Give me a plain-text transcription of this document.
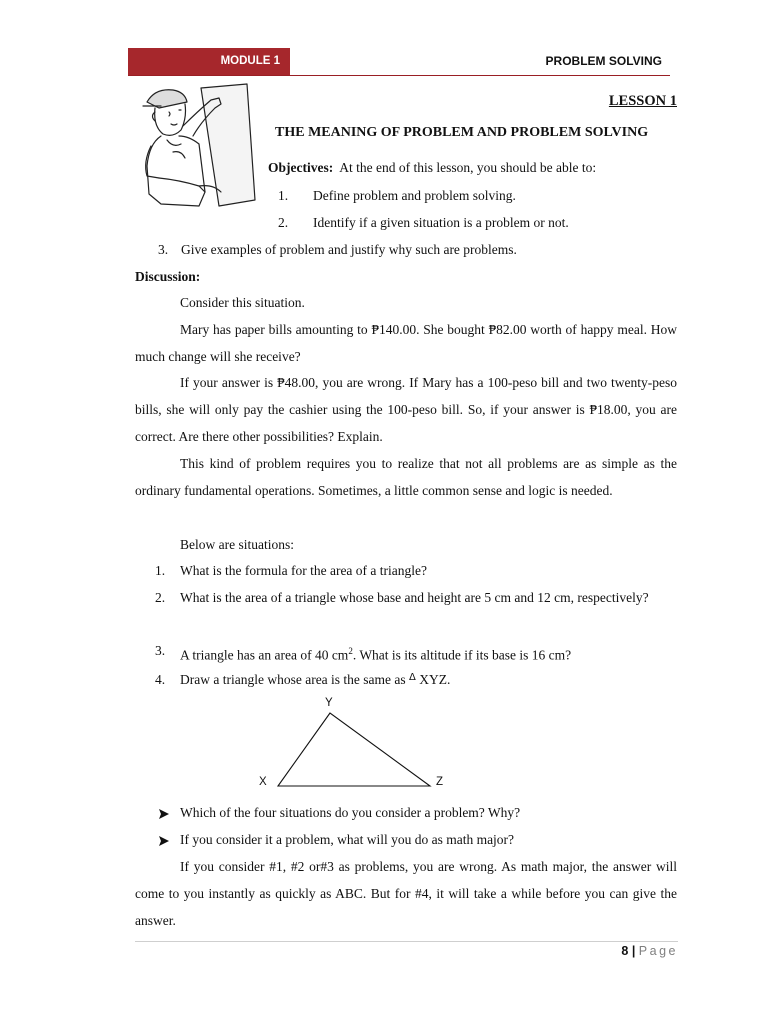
MODULE 1	PROBLEM SOLVING
LESSON 1
THE MEANING OF PROBLEM AND PROBLEM SOLVING
Objectives: At the end of this lesson, you should be able to:
1. Define problem and problem solving.
2. Identify if a given situation is a problem or not.
3. Give examples of problem and justify why such are problems.
Discussion:
Consider this situation.
Mary has paper bills amounting to ₱140.00. She bought ₱82.00 worth of happy meal. How much change will she receive?
If your answer is ₱48.00, you are wrong. If Mary has a 100-peso bill and two twenty-peso bills, she will only pay the cashier using the 100-peso bill. So, if your answer is ₱18.00, you are correct. Are there other possibilities? Explain.
This kind of problem requires you to realize that not all problems are as simple as the ordinary fundamental operations. Sometimes, a little common sense and logic is needed.
Below are situations:
1. What is the formula for the area of a triangle?
2. What is the area of a triangle whose base and height are 5 cm and 12 cm, respectively?
3. A triangle has an area of 40 $cm^2$. What is its altitude if its base is 16 cm?
4. Draw a triangle whose area is the same as $^\Delta$ XYZ.
Y
X	Z
Which of the four situations do you consider a problem? Why?
If you consider it a problem, what will you do as math major?
If you consider #1, #2 or#3 as problems, you are wrong. As math major, the answer will come to you instantly as quickly as ABC. But for #4, it will take a while before you can give the answer.
8 | Page
